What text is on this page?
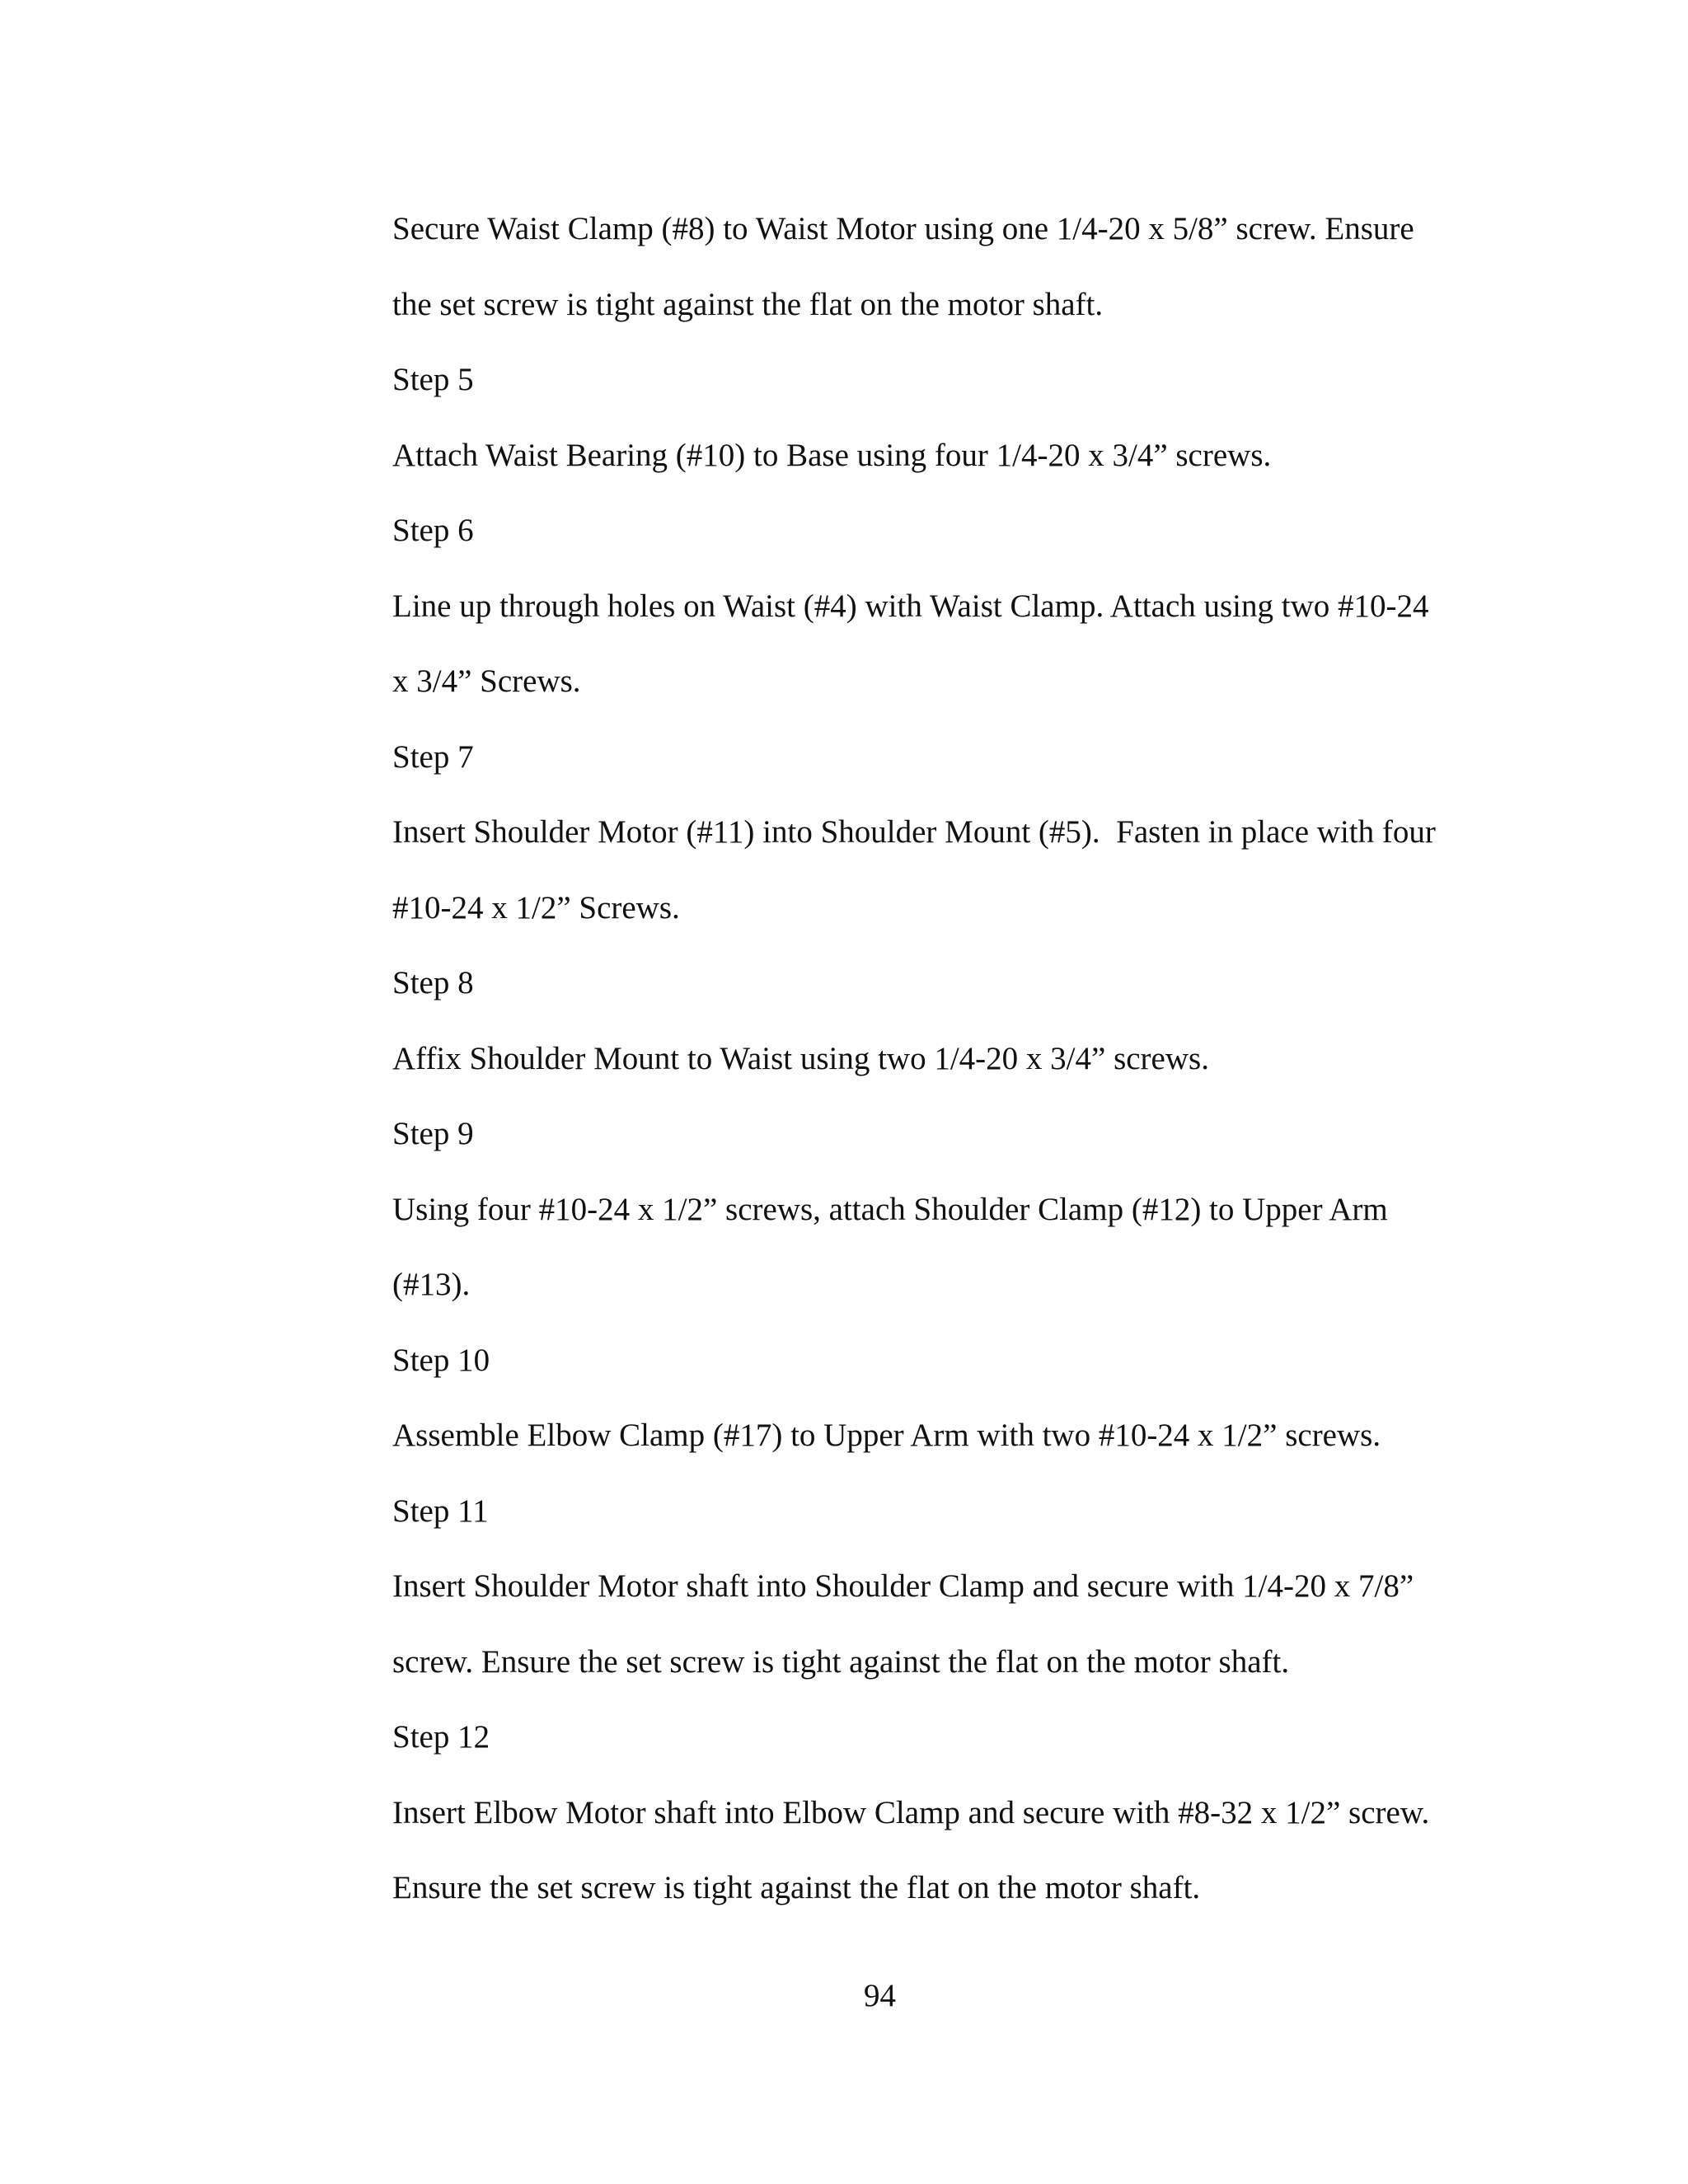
Secure Waist Clamp (#8) to Waist Motor using one 1/4-20 x 5/8” screw. Ensure

the set screw is tight against the flat on the motor shaft.

Step 5

Attach Waist Bearing (#10) to Base using four 1/4-20 x 3/4” screws.

Step 6

Line up through holes on Waist (#4) with Waist Clamp. Attach using two #10-24

x 3/4” Screws.

Step 7

Insert Shoulder Motor (#11) into Shoulder Mount (#5).  Fasten in place with four

#10-24 x 1/2” Screws.

Step 8

Affix Shoulder Mount to Waist using two 1/4-20 x 3/4” screws.

Step 9

Using four #10-24 x 1/2” screws, attach Shoulder Clamp (#12) to Upper Arm

(#13).

Step 10

Assemble Elbow Clamp (#17) to Upper Arm with two #10-24 x 1/2” screws.

Step 11

Insert Shoulder Motor shaft into Shoulder Clamp and secure with 1/4-20 x 7/8”

screw. Ensure the set screw is tight against the flat on the motor shaft.

Step 12

Insert Elbow Motor shaft into Elbow Clamp and secure with #8-32 x 1/2” screw.

Ensure the set screw is tight against the flat on the motor shaft.

94
